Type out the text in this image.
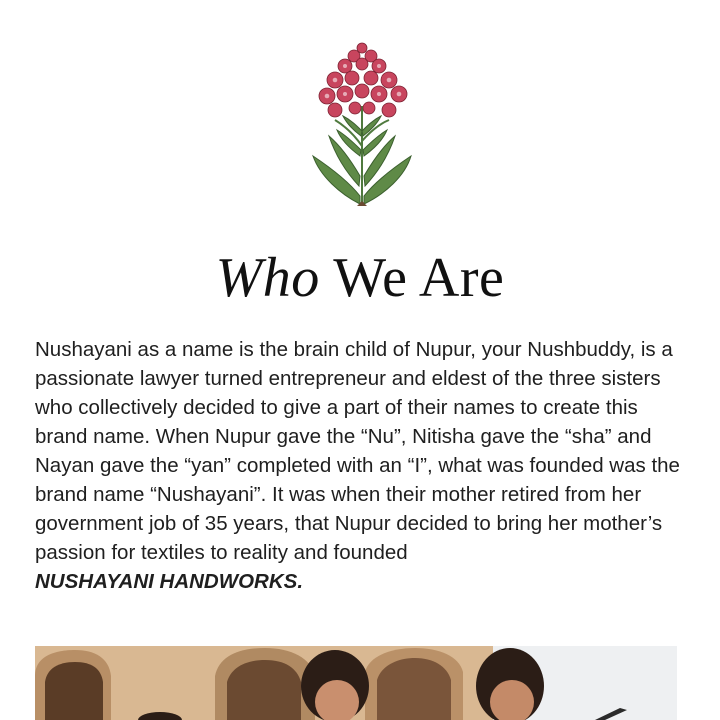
Who We Are

Nushayani as a name is the brain child of Nupur, your Nushbuddy, is a passionate lawyer turned entrepreneur and eldest of the three sisters who collectively decided to give a part of their names to create this brand name. When Nupur gave the “Nu”, Nitisha gave the “sha” and Nayan gave the “yan” completed with an “I”, what was founded was the brand name “Nushayani”. It was when their mother retired from her government job of 35 years, that Nupur decided to bring her mother’s passion for textiles to reality and founded
NUSHAYANI HANDWORKS.
